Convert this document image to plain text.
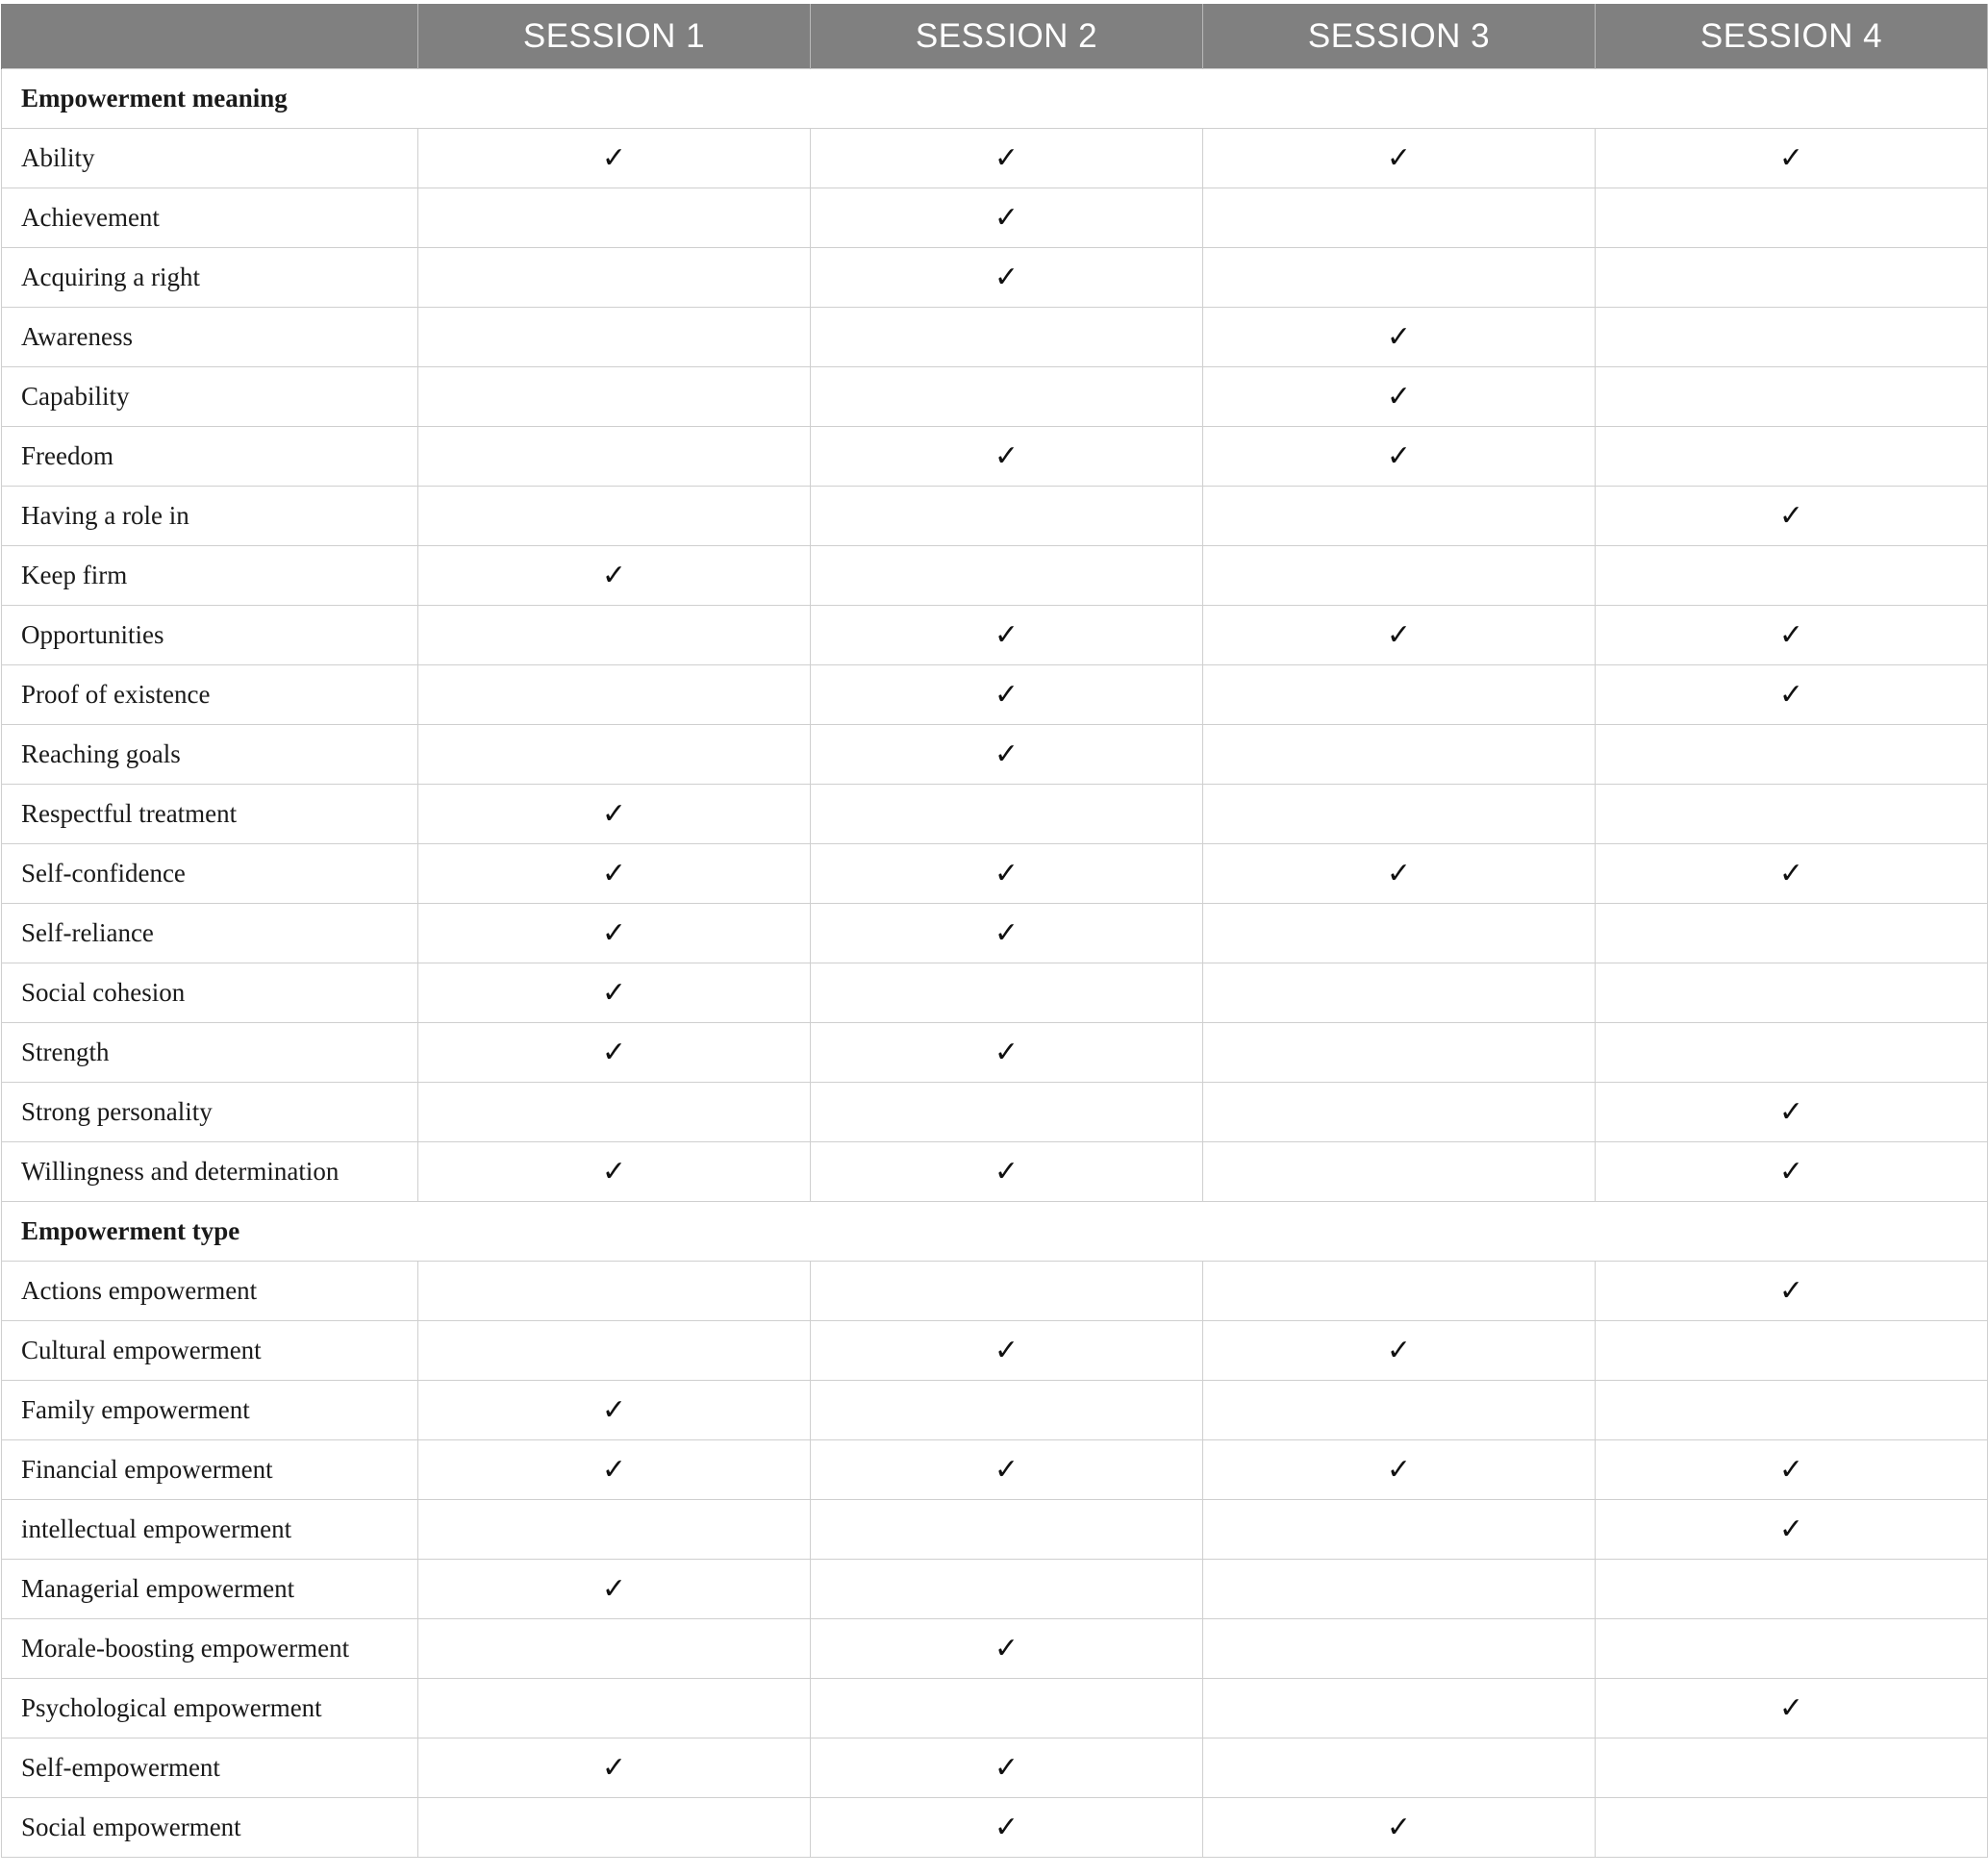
	SESSION 1	SESSION 2	SESSION 3	SESSION 4
Empowerment meaning				
Ability	✓	✓	✓	✓
Achievement		✓		
Acquiring a right		✓		
Awareness			✓	
Capability			✓	
Freedom		✓	✓	
Having a role in				✓
Keep firm	✓			
Opportunities		✓	✓	✓
Proof of existence		✓		✓
Reaching goals		✓		
Respectful treatment	✓			
Self-confidence	✓	✓	✓	✓
Self-reliance	✓	✓		
Social cohesion	✓			
Strength	✓	✓		
Strong personality				✓
Willingness and determination	✓	✓		✓
Empowerment type				
Actions empowerment				✓
Cultural empowerment		✓	✓	
Family empowerment	✓			
Financial empowerment	✓	✓	✓	✓
intellectual empowerment				✓
Managerial empowerment	✓			
Morale-boosting empowerment		✓		
Psychological empowerment				✓
Self-empowerment	✓	✓		
Social empowerment		✓	✓	
